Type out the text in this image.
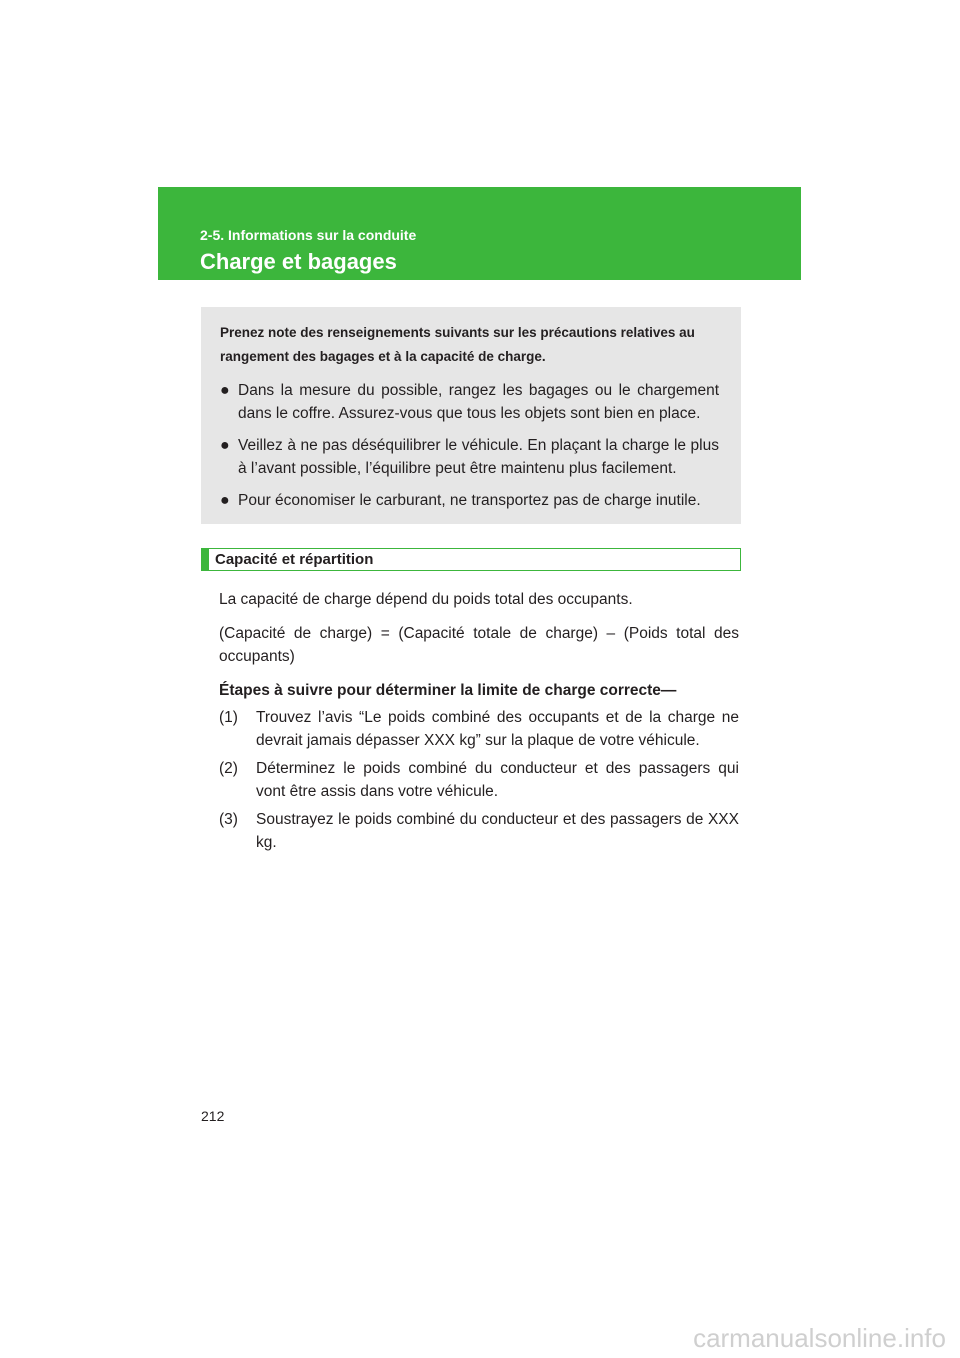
2-5. Informations sur la conduite
Charge et bagages

Prenez note des renseignements suivants sur les précautions relatives au rangement des bagages et à la capacité de charge.

● Dans la mesure du possible, rangez les bagages ou le chargement dans le coffre. Assurez-vous que tous les objets sont bien en place.
● Veillez à ne pas déséquilibrer le véhicule. En plaçant la charge le plus à l’avant possible, l’équilibre peut être maintenu plus facilement.
● Pour économiser le carburant, ne transportez pas de charge inutile.
Capacité et répartition

La capacité de charge dépend du poids total des occupants.

(Capacité de charge) = (Capacité totale de charge) – (Poids total des occupants)

Étapes à suivre pour déterminer la limite de charge correcte—

(1) Trouvez l’avis “Le poids combiné des occupants et de la charge ne devrait jamais dépasser XXX kg” sur la plaque de votre véhicule.
(2) Déterminez le poids combiné du conducteur et des passagers qui vont être assis dans votre véhicule.
(3) Soustrayez le poids combiné du conducteur et des passagers de XXX kg.
212
carmanualsonline.info
